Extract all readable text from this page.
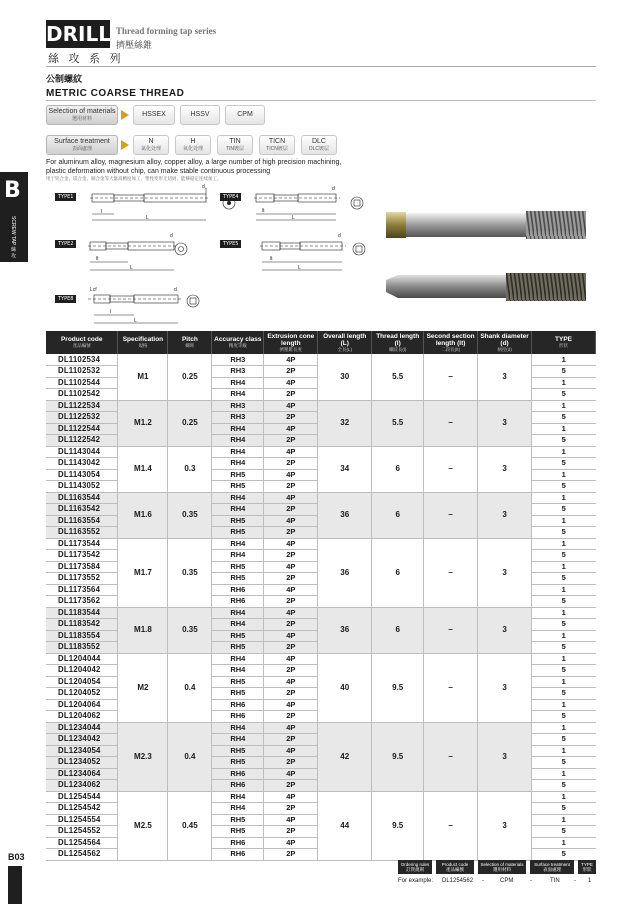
DRILLS
絲 攻 系 列
Thread forming tap series
擠壓絲錐
公制螺紋
METRIC COARSE THREAD
Selection of materials
選用材料
HSSEX	HSSV	CPM
Surface treatment
表面處理
N
氮化处理
H
氧化处理
TIN
TIN镀层
TICN
TICN镀层
DLC
DLC镀层
For aluminum alloy, magnesium alloy, copper alloy, a large number of high precision machining,
plastic deformation without chip, can make stable continuous processing
用于铝合金、镁合金、铜合金等大量高精度加工，塑性变形无切屑，能够稳定连续加工。
B
SCREW TAP 絲 攻
TYPE1
l
L
d
TYPE4
lt
L
d
TYPE2
lt
L
d
TYPE5
lt
L
d
TYPE8
Lcf
l
L
d
Product code
產品編號	Specification
規格	Pitch
螺距	Accuracy class
精度等級	Extrusion cone length
擠壓錐長度	Overall length (L)
全長(L)	Thread length (l)
螺紋長(l)	Second section length (lt)
二段長(lt)	Shank diameter (d)
柄徑(d)	TYPE
形狀

DL1102534	M1	0.25	RH3	4P	30	5.5	–	3	1
DL1102532			RH3	2P					5
DL1102544			RH4	4P					1
DL1102542			RH4	2P					5
DL1122534	M1.2	0.25	RH3	4P	32	5.5	–	3	1
DL1122532			RH3	2P					5
DL1122544			RH4	4P					1
DL1122542			RH4	2P					5
DL1143044	M1.4	0.3	RH4	4P	34	6	–	3	1
DL1143042			RH4	2P					5
DL1143054			RH5	4P					1
DL1143052			RH5	2P					5
DL1163544	M1.6	0.35	RH4	4P	36	6	–	3	1
DL1163542			RH4	2P					5
DL1163554			RH5	4P					1
DL1163552			RH5	2P					5
DL1173544	M1.7	0.35	RH4	4P	36	6	–	3	1
DL1173542			RH4	2P					5
DL1173584			RH5	4P					1
DL1173552			RH5	2P					5
DL1173564			RH6	4P					1
DL1173562			RH6	2P					5
DL1183544	M1.8	0.35	RH4	4P	36	6	–	3	1
DL1183542			RH4	2P					5
DL1183554			RH5	4P					1
DL1183552			RH5	2P					5
DL1204044	M2	0.4	RH4	4P	40	9.5	–	3	1
DL1204042			RH4	2P					5
DL1204054			RH5	4P					1
DL1204052			RH5	2P					5
DL1204064			RH6	4P					1
DL1204062			RH6	2P					5
DL1234044	M2.3	0.4	RH4	4P	42	9.5	–	3	1
DL1234042			RH4	2P					5
DL1234054			RH5	4P					1
DL1234052			RH5	2P					5
DL1234064			RH6	4P					1
DL1234062			RH6	2P					5
DL1254544	M2.5	0.45	RH4	4P	44	9.5	–	3	1
DL1254542			RH4	2P					5
DL1254554			RH5	4P					1
DL1254552			RH5	2P					5
DL1254564			RH6	4P					1
DL1254562			RH6	2P					5
B03
Ordering rules
訂貨規則
Product code
產品編號
Selection of materials
選用材料
Surface treatment
表面處理
TYPE
形狀
For example: DL1254562 -	CPM	-	TIN - 1
